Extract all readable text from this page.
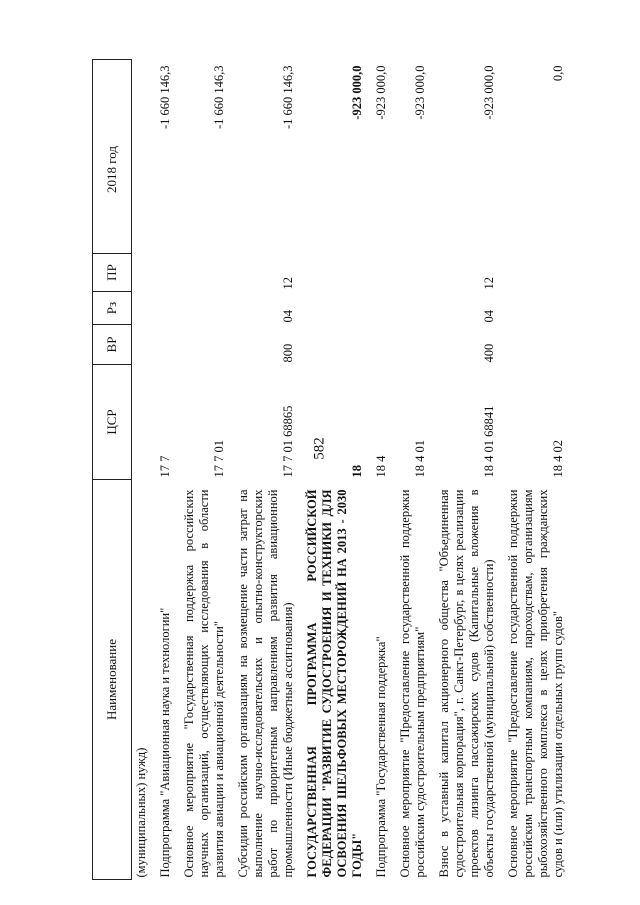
582
Наименование	ЦСР	ВР	Рз	ПР	2018 год
(муниципальных) нужд)					
Подпрограмма "Авиационная наука и технологии"	17 7				-1 660 146,3
Основное мероприятие "Государственная поддержка российских научных организаций, осуществляющих исследования в области развития авиации и авиационной деятельности"	17 7 01				-1 660 146,3
Субсидии российским организациям на возмещение части затрат на выполнение научно-исследовательских и опытно-конструкторских работ по приоритетным направлениям развития авиационной промышленности (Иные бюджетные ассигнования)	17 7 01 68865	800	04	12	-1 660 146,3
ГОСУДАРСТВЕННАЯ ПРОГРАММА РОССИЙСКОЙ ФЕДЕРАЦИИ "РАЗВИТИЕ СУДОСТРОЕНИЯ И ТЕХНИКИ ДЛЯ ОСВОЕНИЯ ШЕЛЬФОВЫХ МЕСТОРОЖДЕНИЙ НА 2013 - 2030 ГОДЫ"	18				-923 000,0
Подпрограмма "Государственная поддержка"	18 4				-923 000,0
Основное мероприятие "Предоставление государственной поддержки российским судостроительным предприятиям"	18 4 01				-923 000,0
Взнос в уставный капитал акционерного общества "Объединенная судостроительная корпорация", г. Санкт-Петербург, в целях реализации проектов лизинга пассажирских судов (Капитальные вложения в объекты государственной (муниципальной) собственности)	18 4 01 68841	400	04	12	-923 000,0
Основное мероприятие "Предоставление государственной поддержки российским транспортным компаниям, пароходствам, организациям рыбохозяйственного комплекса в целях приобретения гражданских судов и (или) утилизации отдельных групп судов"	18 4 02				0,0
